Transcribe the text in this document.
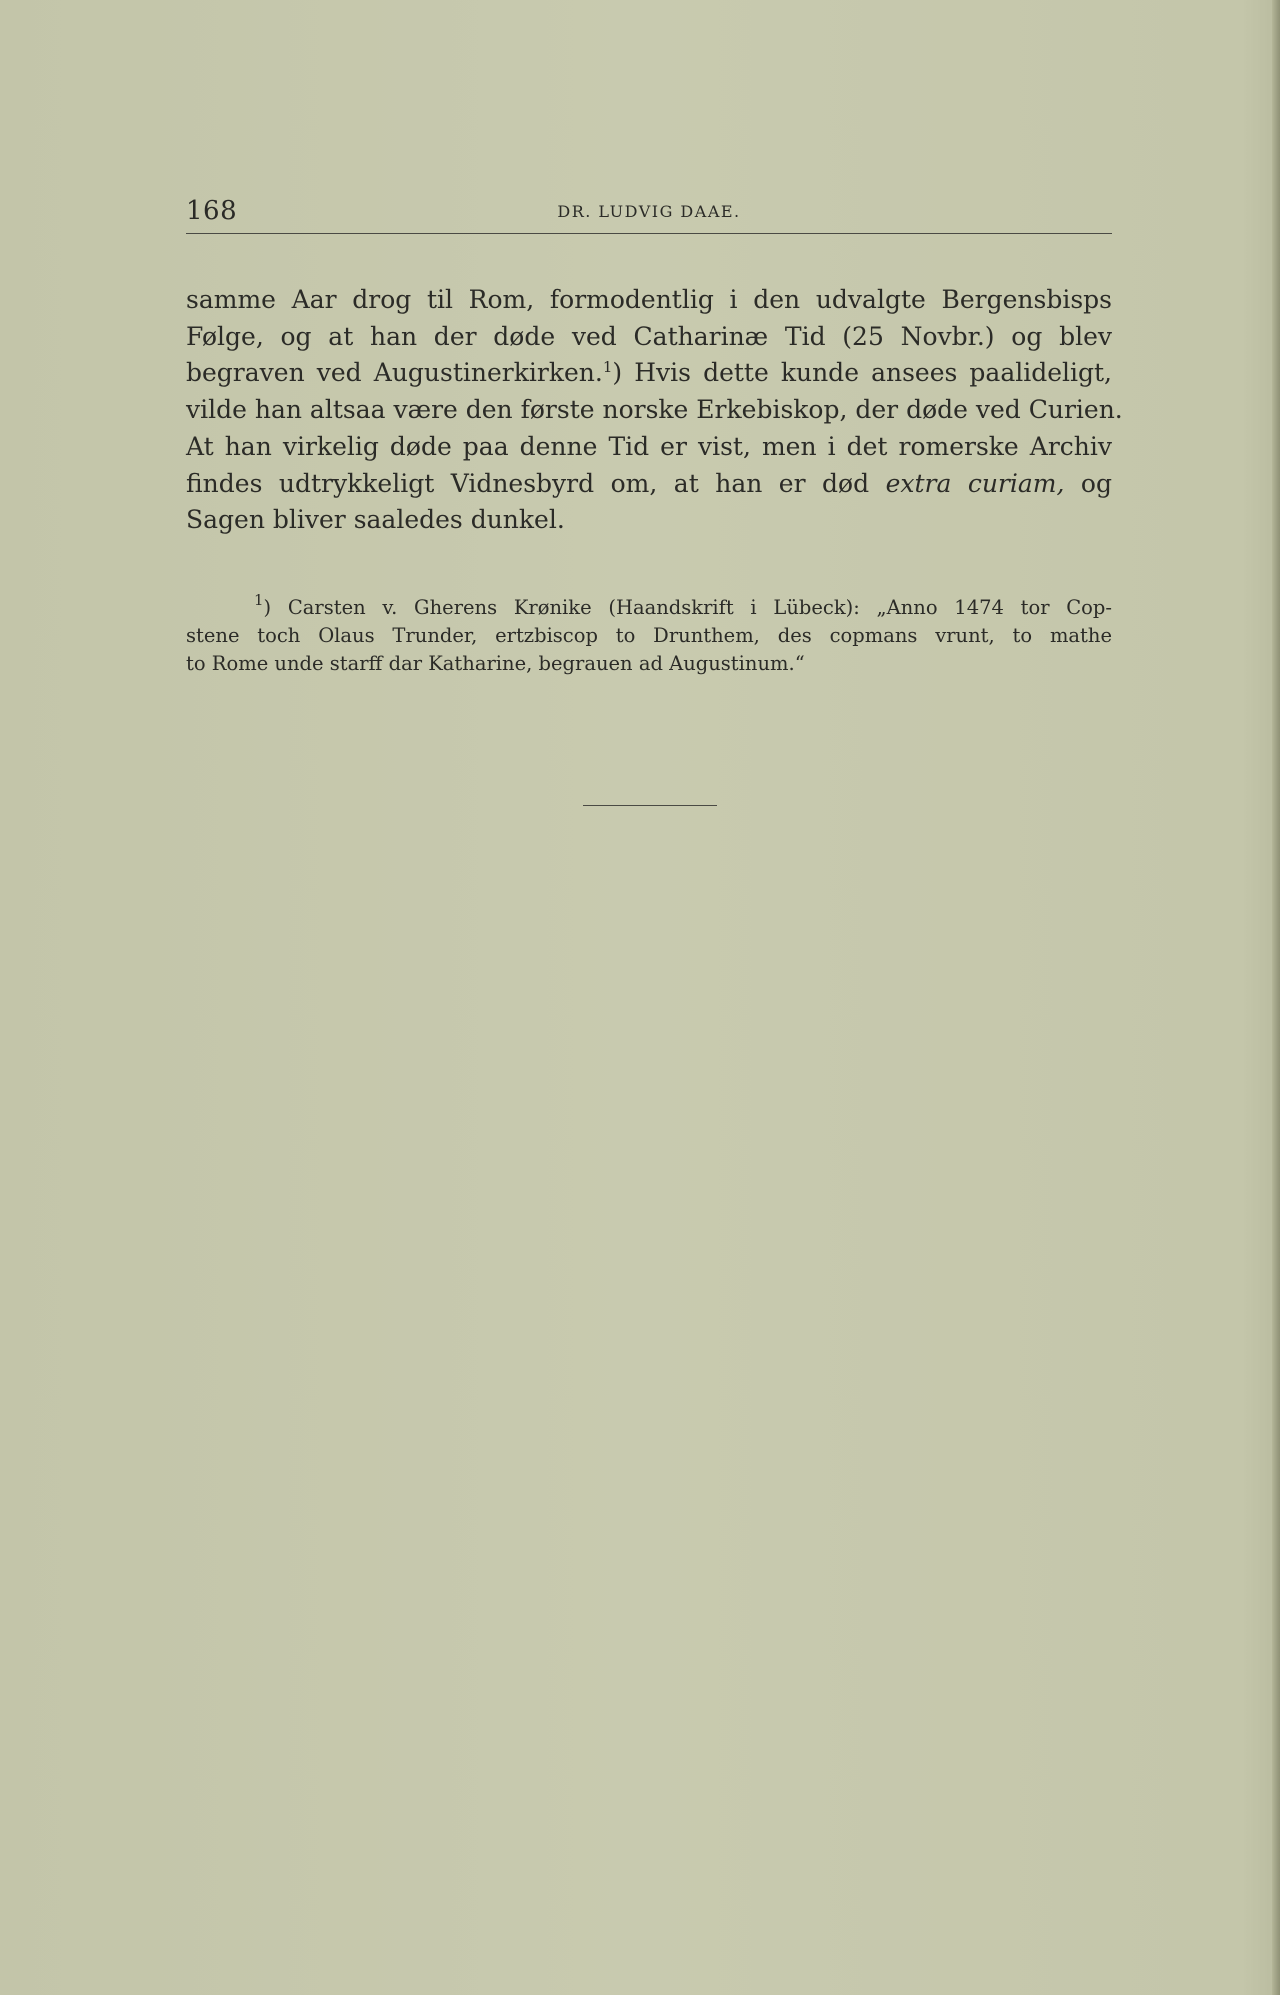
168	DR. LUDVIG DAAE.
samme Aar drog til Rom, formodentlig i den udvalgte Bergensbisps
Følge, og at han der døde ved Catharinæ Tid (25 Novbr.) og blev
begraven ved Augustinerkirken.$^1$) Hvis dette kunde ansees paalideligt,
vilde han altsaa være den første norske Erkebiskop, der døde ved Curien.
At han virkelig døde paa denne Tid er vist, men i det romerske Archiv
findes udtrykkeligt Vidnesbyrd om, at han er død extra curiam, og
Sagen bliver saaledes dunkel.
$^1$) Carsten v. Gherens Krønike (Haandskrift i Lübeck): „Anno 1474 tor Cop-
stene toch Olaus Trunder, ertzbiscop to Drunthem, des copmans vrunt, to mathe
to Rome unde starff dar Katharine, begrauen ad Augustinum.“
